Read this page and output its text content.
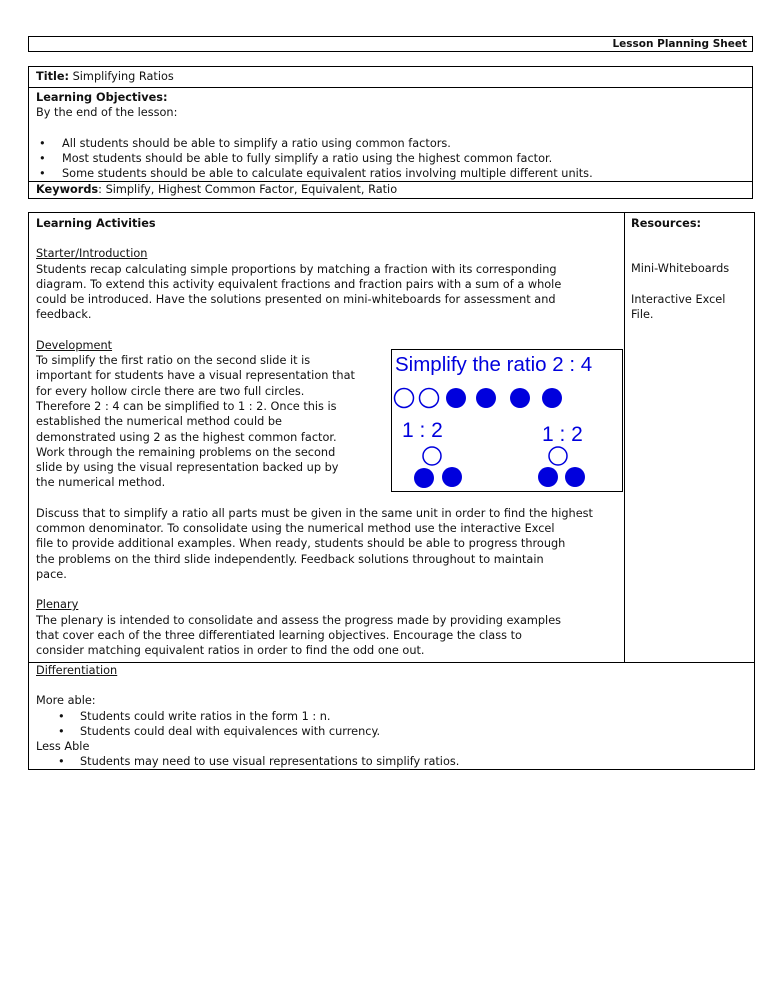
Lesson Planning Sheet
Title: Simplifying Ratios
Learning Objectives:
By the end of the lesson:
• All students should be able to simplify a ratio using common factors.
• Most students should be able to fully simplify a ratio using the highest common factor.
• Some students should be able to calculate equivalent ratios involving multiple different units.
Keywords: Simplify, Highest Common Factor, Equivalent, Ratio
Learning Activities
Starter/Introduction
Students recap calculating simple proportions by matching a fraction with its corresponding
diagram. To extend this activity equivalent fractions and fraction pairs with a sum of a whole
could be introduced. Have the solutions presented on mini-whiteboards for assessment and
feedback.
Development
To simplify the first ratio on the second slide it is
important for students have a visual representation that
for every hollow circle there are two full circles.
Therefore 2 : 4 can be simplified to 1 : 2. Once this is
established the numerical method could be
demonstrated using 2 as the highest common factor.
Work through the remaining problems on the second
slide by using the visual representation backed up by
the numerical method.
Discuss that to simplify a ratio all parts must be given in the same unit in order to find the highest
common denominator. To consolidate using the numerical method use the interactive Excel
file to provide additional examples. When ready, students should be able to progress through
the problems on the third slide independently. Feedback solutions throughout to maintain
pace.
Plenary
The plenary is intended to consolidate and assess the progress made by providing examples
that cover each of the three differentiated learning objectives. Encourage the class to
consider matching equivalent ratios in order to find the odd one out.
Simplify the ratio 2 : 4
1 : 2	1 : 2
Resources:
Mini-Whiteboards
Interactive Excel
File.
Differentiation
More able:
• Students could write ratios in the form 1 : n.
• Students could deal with equivalences with currency.
Less Able
• Students may need to use visual representations to simplify ratios.
